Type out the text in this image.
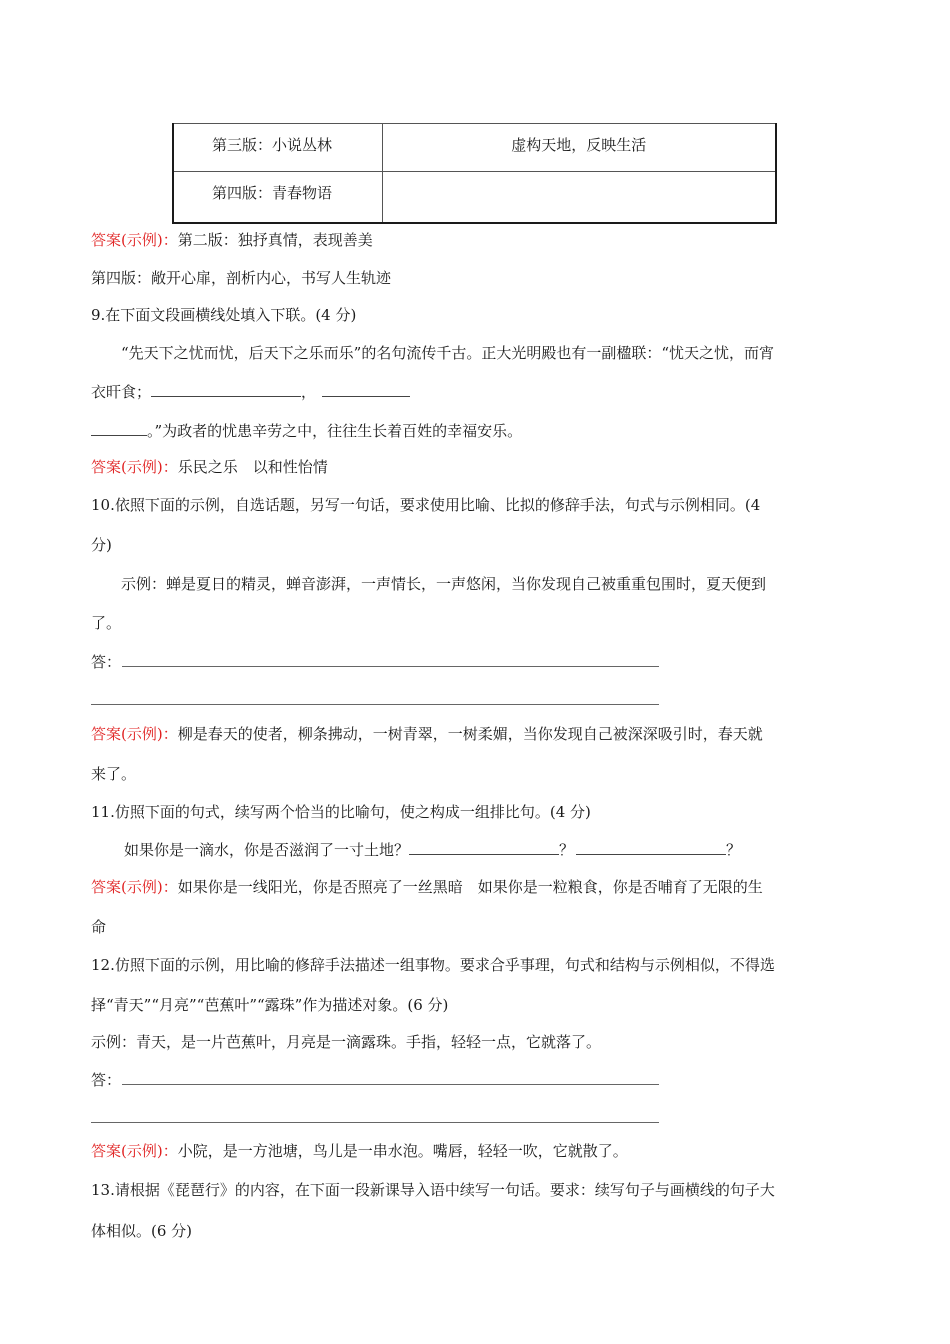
第三版：小说丛林	虚构天地，反映生活
第四版：青春物语	
答案(示例)：第二版：独抒真情，表现善美
第四版：敞开心扉，剖析内心，书写人生轨迹
9.在下面文段画横线处填入下联。(4 分)
“先天下之忧而忧，后天下之乐而乐”的名句流传千古。正大光明殿也有一副楹联：“忧天之忧，而宵
衣旰食；	，
。”为政者的忧患辛劳之中，往往生长着百姓的幸福安乐。
答案(示例)：乐民之乐　以和性怡情
10.依照下面的示例，自选话题，另写一句话，要求使用比喻、比拟的修辞手法，句式与示例相同。(4
分)
示例：蝉是夏日的精灵，蝉音澎湃，一声情长，一声悠闲，当你发现自己被重重包围时，夏天便到
了。
答：
答案(示例)：柳是春天的使者，柳条拂动，一树青翠，一树柔媚，当你发现自己被深深吸引时，春天就
来了。
11.仿照下面的句式，续写两个恰当的比喻句，使之构成一组排比句。(4 分)
如果你是一滴水，你是否滋润了一寸土地？	？	？
答案(示例)：如果你是一线阳光，你是否照亮了一丝黑暗　如果你是一粒粮食，你是否哺育了无限的生
命
12.仿照下面的示例，用比喻的修辞手法描述一组事物。要求合乎事理，句式和结构与示例相似，不得选
择“青天”“月亮”“芭蕉叶”“露珠”作为描述对象。(6 分)
示例：青天，是一片芭蕉叶，月亮是一滴露珠。手指，轻轻一点，它就落了。
答：
答案(示例)：小院，是一方池塘，鸟儿是一串水泡。嘴唇，轻轻一吹，它就散了。
13.请根据《琵琶行》的内容，在下面一段新课导入语中续写一句话。要求：续写句子与画横线的句子大
体相似。(6 分)
